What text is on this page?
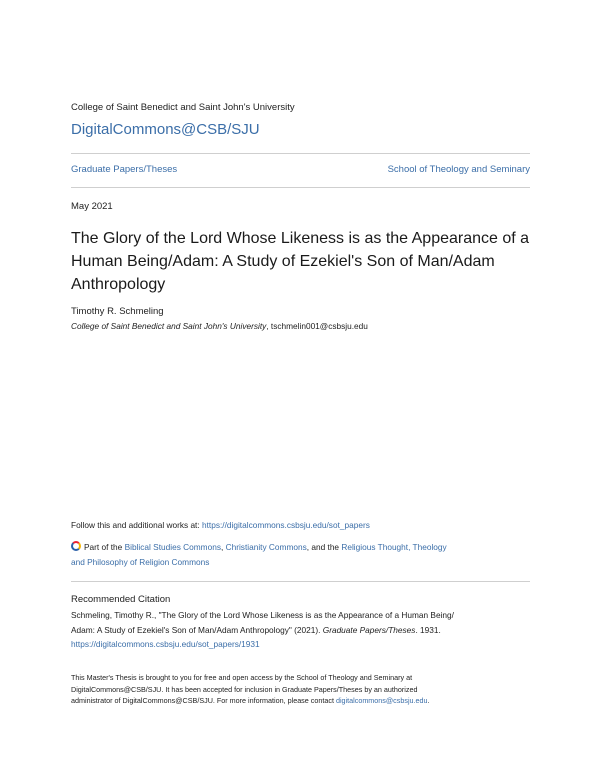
College of Saint Benedict and Saint John's University
DigitalCommons@CSB/SJU
Graduate Papers/Theses	School of Theology and Seminary
May 2021
The Glory of the Lord Whose Likeness is as the Appearance of a Human Being/Adam: A Study of Ezekiel's Son of Man/Adam Anthropology
Timothy R. Schmeling
College of Saint Benedict and Saint John's University, tschmelin001@csbsju.edu
Follow this and additional works at: https://digitalcommons.csbsju.edu/sot_papers
Part of the Biblical Studies Commons, Christianity Commons, and the Religious Thought, Theology
and Philosophy of Religion Commons
Recommended Citation
Schmeling, Timothy R., "The Glory of the Lord Whose Likeness is as the Appearance of a Human Being/
Adam: A Study of Ezekiel's Son of Man/Adam Anthropology" (2021). Graduate Papers/Theses. 1931.
https://digitalcommons.csbsju.edu/sot_papers/1931
This Master's Thesis is brought to you for free and open access by the School of Theology and Seminary at
DigitalCommons@CSB/SJU. It has been accepted for inclusion in Graduate Papers/Theses by an authorized
administrator of DigitalCommons@CSB/SJU. For more information, please contact digitalcommons@csbsju.edu.
